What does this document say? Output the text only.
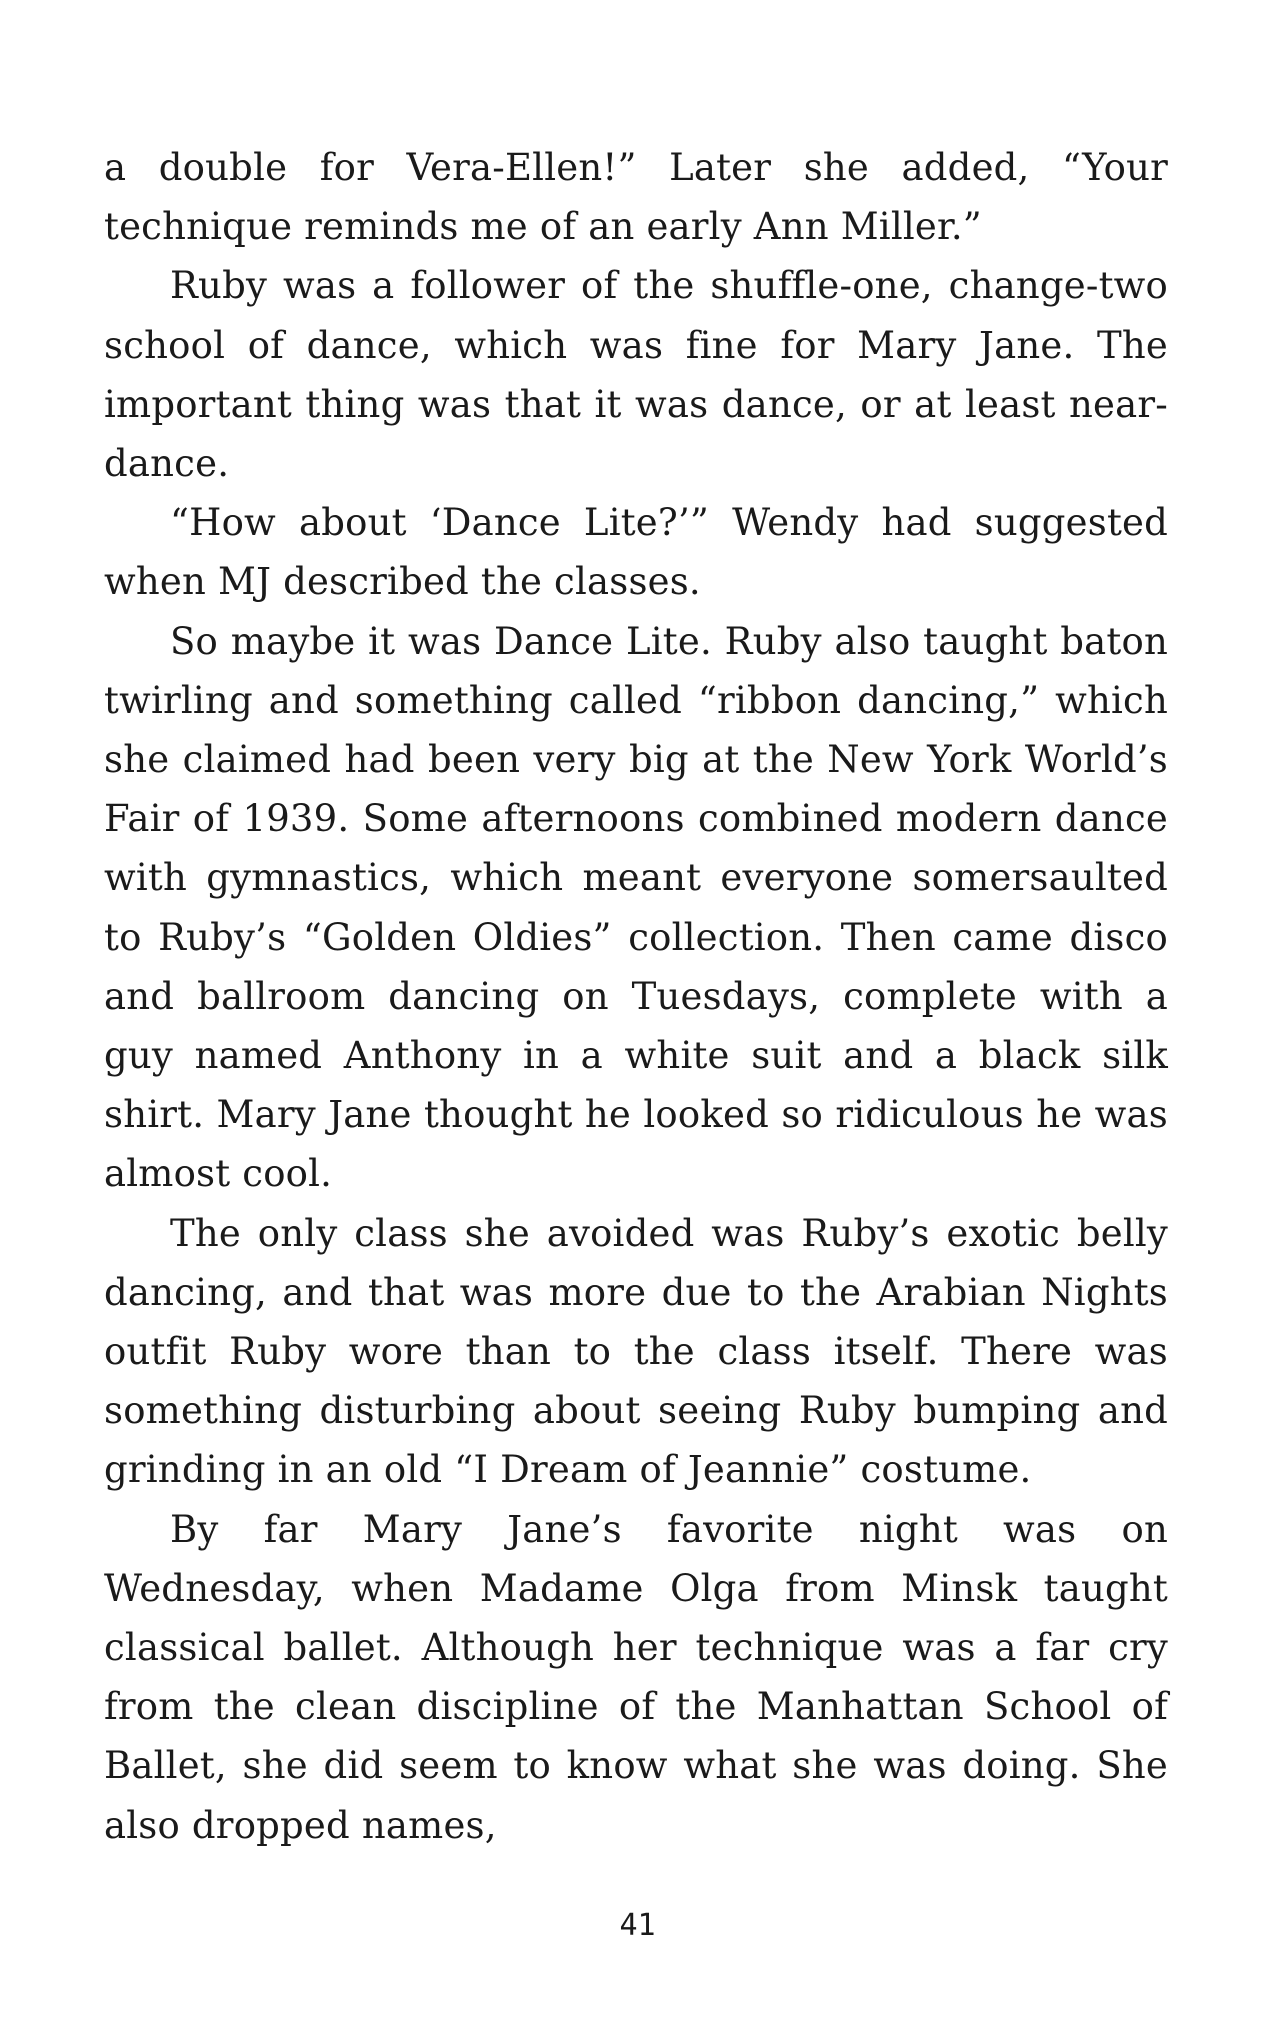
a double for Vera-Ellen!” Later she added, “Your technique reminds me of an early Ann Miller.”

Ruby was a follower of the shuffle-one, change-two school of dance, which was fine for Mary Jane. The important thing was that it was dance, or at least near-dance.

“How about ‘Dance Lite?’” Wendy had suggested when MJ described the classes.

So maybe it was Dance Lite. Ruby also taught baton twirling and something called “ribbon dancing,” which she claimed had been very big at the New York World’s Fair of 1939. Some afternoons combined modern dance with gymnastics, which meant everyone somersaulted to Ruby’s “Golden Oldies” collection. Then came disco and ballroom dancing on Tuesdays, complete with a guy named Anthony in a white suit and a black silk shirt. Mary Jane thought he looked so ridiculous he was almost cool.

The only class she avoided was Ruby’s exotic belly dancing, and that was more due to the Arabian Nights outfit Ruby wore than to the class itself. There was something disturbing about seeing Ruby bumping and grinding in an old “I Dream of Jeannie” costume.

By far Mary Jane’s favorite night was on Wednesday, when Madame Olga from Minsk taught classical ballet. Although her technique was a far cry from the clean discipline of the Manhattan School of Ballet, she did seem to know what she was doing. She also dropped names,

41
